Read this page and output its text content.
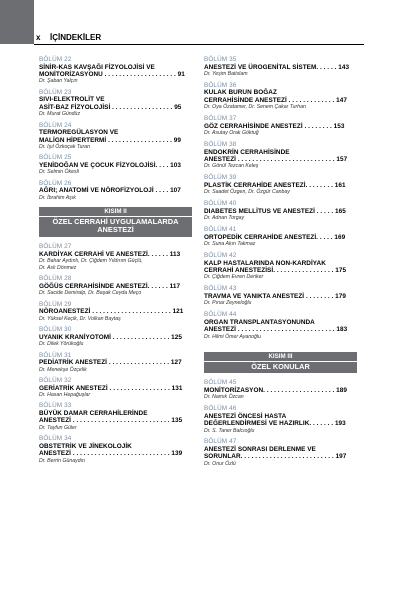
x İÇİNDEKİLER
BÖLÜM 22
SİNİR-KAS KAVŞAĞI FİZYOLOJİSİ VE
MONİTORİZASYONU . . . . . . . . . . . . . . . . . . . . 91
Dr. Şaban Yalçın
BÖLÜM 23
SIVI-ELEKTROLİT VE
ASİT-BAZ FİZYOLOJİSİ . . . . . . . . . . . . . . . . . 95
Dr. Murat Gündüz
BÖLÜM 24
TERMOREGÜLASYON VE
MALİGN HİPERTERMİ . . . . . . . . . . . . . . . . . . 99
Dr. Işıl Özkoçak Turan
BÖLÜM 25
YENİDOĞAN VE ÇOCUK FİZYOLOJİSİ. . . . 103
Dr. Selmin Ökesli
BÖLÜM 26
AĞRI; ANATOMİ VE NÖROFİZYOLOJİ . . . . 107
Dr. İbrahim Aşık
KISIM II
ÖZEL CERRAHİ UYGULAMALARDA
ANESTEZİ
BÖLÜM 27
KARDİYAK CERRAHİ VE ANESTEZİ. . . . . . 113
Dr. Bahar Aydınlı, Dr. Çiğdem Yıldırım Güçlü,
Dr. Aslı Dönmez
BÖLÜM 28
GÖĞÜS CERRAHİSİNDE ANESTEZİ. . . . . . 117
Dr. Sacide Demiralp, Dr. Başak Ceyda Meço
BÖLÜM 29
NÖROANESTEZİ . . . . . . . . . . . . . . . . . . . . . . 121
Dr. Yüksel Keçik, Dr. Volkan Baytaş
BÖLÜM 30
UYANIK KRANİYOTOMİ . . . . . . . . . . . . . . . . 125
Dr. Dilek Yörükoğlu
BÖLÜM 31
PEDİATRİK ANESTEZİ . . . . . . . . . . . . . . . . . 127
Dr. Menekşe Özçelik
BÖLÜM 32
GERİATRİK ANESTEZİ . . . . . . . . . . . . . . . . . 131
Dr. Hasan Hepağuşlar
BÖLÜM 33
BÜYÜK DAMAR CERRAHİLERİNDE
ANESTEZİ . . . . . . . . . . . . . . . . . . . . . . . . . . . 135
Dr. Tayfun Güler
BÖLÜM 34
OBSTETRİK VE JİNEKOLOJİK
ANESTEZİ . . . . . . . . . . . . . . . . . . . . . . . . . . . 139
Dr. Berrin Günaydın
BÖLÜM 35
ANESTEZİ VE ÜROGENİTAL SİSTEM. . . . . . 143
Dr. Yeşim Batislam
BÖLÜM 36
KULAK BURUN BOĞAZ
CERRAHİSİNDE ANESTEZİ . . . . . . . . . . . . . 147
Dr. Oya Özatamer, Dr. Senem Çakar Turhan
BÖLÜM 37
GÖZ CERRAHİSİNDE ANESTEZİ . . . . . . . . 153
Dr. Asutay Orak Göktuğ
BÖLÜM 38
ENDOKRİN CERRAHİSİNDE
ANESTEZİ . . . . . . . . . . . . . . . . . . . . . . . . . . . 157
Dr. Gönül Tezcan Keleş
BÖLÜM 39
PLASTİK CERRAHİDE ANESTEZİ. . . . . . . . 161
Dr. Saadet Özgen, Dr. Özgür Canbay
BÖLÜM 40
DIABETES MELLİTUS VE ANESTEZİ . . . . . 165
Dr. Adnan Torgay
BÖLÜM 41
ORTOPEDİK CERRAHİDE ANESTEZİ. . . . . 169
Dr. Suna Akın Takmaz
BÖLÜM 42
KALP HASTALARINDA NON-KARDİYAK
CERRAHİ ANESTEZİSİ. . . . . . . . . . . . . . . . . 175
Dr. Çiğdem Evren Deriker
BÖLÜM 43
TRAVMA VE YANIKTA ANESTEZİ . . . . . . . . 179
Dr. Pınar Zeyneloğlu
BÖLÜM 44
ORGAN TRANSPLANTASYONUNDA
ANESTEZİ . . . . . . . . . . . . . . . . . . . . . . . . . . . 183
Dr. Hilmi Ömer Ayanoğlu
KISIM III
ÖZEL KONULAR
BÖLÜM 45
MONİTORİZASYON. . . . . . . . . . . . . . . . . . . . 189
Dr. Namık Özcan
BÖLÜM 46
ANESTEZİ ÖNCESİ HASTA
DEĞERLENDİRMESİ VE HAZIRLIK. . . . . . . 193
Dr. S. Taner Balcıoğlu
BÖLÜM 47
ANESTEZİ SONRASI DERLENME VE
SORUNLAR. . . . . . . . . . . . . . . . . . . . . . . . . . 197
Dr. Onur Özlü
